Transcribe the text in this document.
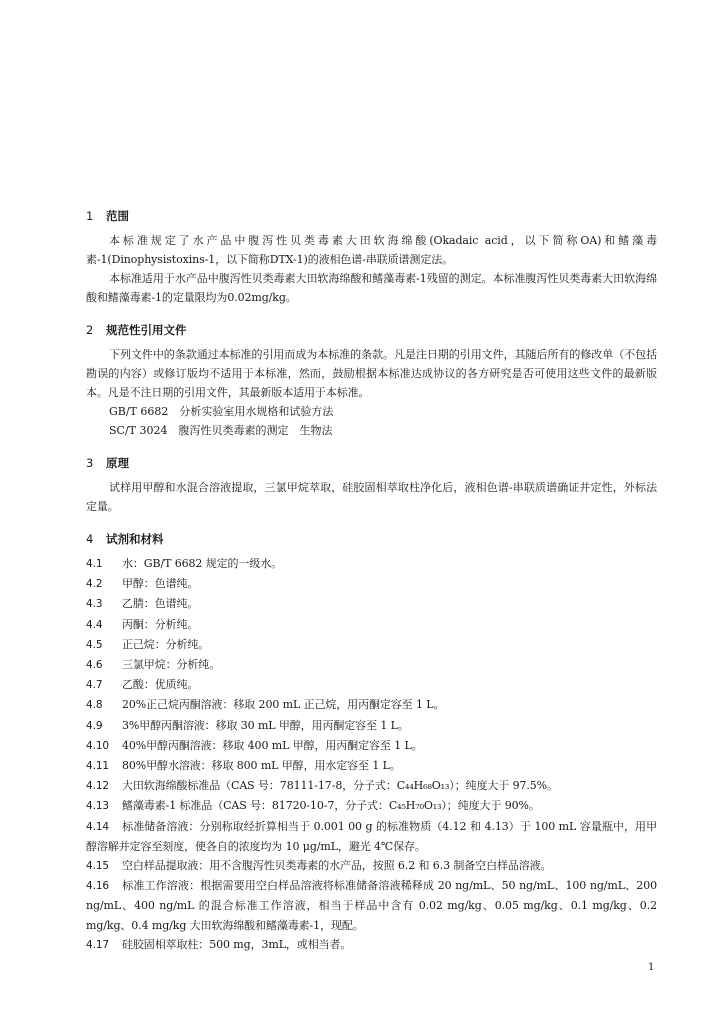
1 范围

本标准规定了水产品中腹泻性贝类毒素大田软海绵酸(Okadaic acid，以下简称OA)和鳍藻毒素-1(Dinophysistoxins-1，以下简称DTX-1)的液相色谱-串联质谱测定法。

本标准适用于水产品中腹泻性贝类毒素大田软海绵酸和鳍藻毒素-1残留的测定。本标准腹泻性贝类毒素大田软海绵酸和鳍藻毒素-1的定量限均为0.02mg/kg。

2 规范性引用文件

下列文件中的条款通过本标准的引用而成为本标准的条款。凡是注日期的引用文件，其随后所有的修改单（不包括勘误的内容）或修订版均不适用于本标准，然而，鼓励根据本标准达成协议的各方研究是否可使用这些文件的最新版本。凡是不注日期的引用文件，其最新版本适用于本标准。

GB/T 6682　分析实验室用水规格和试验方法

SC/T 3024　腹泻性贝类毒素的测定　生物法

3 原理

试样用甲醇和水混合溶液提取，三氯甲烷萃取，硅胶固相萃取柱净化后，液相色谱-串联质谱确证并定性，外标法定量。

4 试剂和材料

4.1 水：GB/T 6682 规定的一级水。

4.2 甲醇：色谱纯。

4.3 乙腈：色谱纯。

4.4 丙酮：分析纯。

4.5 正己烷：分析纯。

4.6 三氯甲烷：分析纯。

4.7 乙酸：优质纯。

4.8 20%正己烷丙酮溶液：移取 200 mL 正己烷，用丙酮定容至 1 L。

4.9 3%甲醇丙酮溶液：移取 30 mL 甲醇，用丙酮定容至 1 L。

4.10 40%甲醇丙酮溶液：移取 400 mL 甲醇，用丙酮定容至 1 L。

4.11 80%甲醇水溶液：移取 800 mL 甲醇，用水定容至 1 L。

4.12 大田软海绵酸标准品（CAS 号：78111-17-8，分子式：C₄₄H₆₈O₁₃）；纯度大于 97.5%。

4.13 鳍藻毒素-1 标准品（CAS 号：81720-10-7，分子式：C₄₅H₇₀O₁₃）；纯度大于 90%。

4.14 标准储备溶液：分别称取经折算相当于 0.001 00 g 的标准物质（4.12 和 4.13）于 100 mL 容量瓶中，用甲醇溶解并定容至刻度，使各自的浓度均为 10 μg/mL，避光 4℃保存。

4.15 空白样品提取液：用不含腹泻性贝类毒素的水产品，按照 6.2 和 6.3 制备空白样品溶液。

4.16 标准工作溶液：根据需要用空白样品溶液将标准储备溶液稀释成 20 ng/mL、50 ng/mL、100 ng/mL、200 ng/mL、400 ng/mL 的混合标准工作溶液，相当于样品中含有 0.02 mg/kg、0.05 mg/kg、0.1 mg/kg、0.2 mg/kg、0.4 mg/kg 大田软海绵酸和鳍藻毒素-1，现配。

4.17 硅胶固相萃取柱：500 mg，3mL，或相当者。

1
